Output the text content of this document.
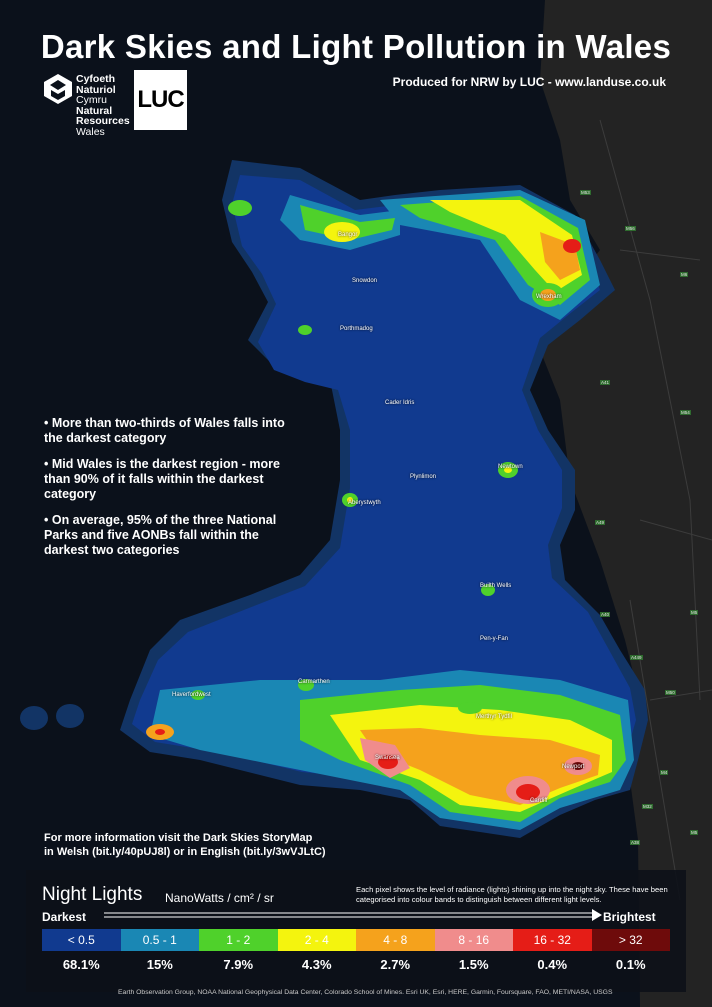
Bangor
Snowdon
Porthmadog
Cader Idris
Aberystwyth
Plynlimon
Newtown
Builth Wells
Wrexham
Carmarthen
Haverfordwest
Pen-y-Fan
Merthyr Tydfil
Swansea
Newport
Cardiff
M53
M56
M6
A41
M54
A49
M5
A449
M50
A40
M4
M32
A38
M5
Dark Skies and Light Pollution in Wales
Produced for NRW by LUC - www.landuse.co.uk
Cyfoeth
Naturiol
Cymru
Natural
Resources
Wales
LUC

• More than two-thirds of Wales falls into the darkest category

• Mid Wales is the darkest region - more than 90% of it falls within the darkest category

• On average, 95% of the three National Parks and five AONBs fall within the darkest two categories

For more information visit the Dark Skies StoryMap
in Welsh (bit.ly/40pUJ8l) or in English (bit.ly/3wVJLtC)
Night Lights NanoWatts / cm² / sr
Each pixel shows the level of radiance (lights) shining up into the night sky. These have been categorised into colour bands to distinguish between different light levels.
Darkest	Brightest
< 0.5	0.5 - 1	1 - 2	2 - 4	4 - 8	8 - 16	16 - 32	> 32
68.1%	15%	7.9%	4.3%	2.7%	1.5%	0.4%	0.1%
Earth Observation Group, NOAA National Geophysical Data Center, Colorado School of Mines. Esri UK, Esri, HERE, Garmin, Foursquare, FAO, METI/NASA, USGS
